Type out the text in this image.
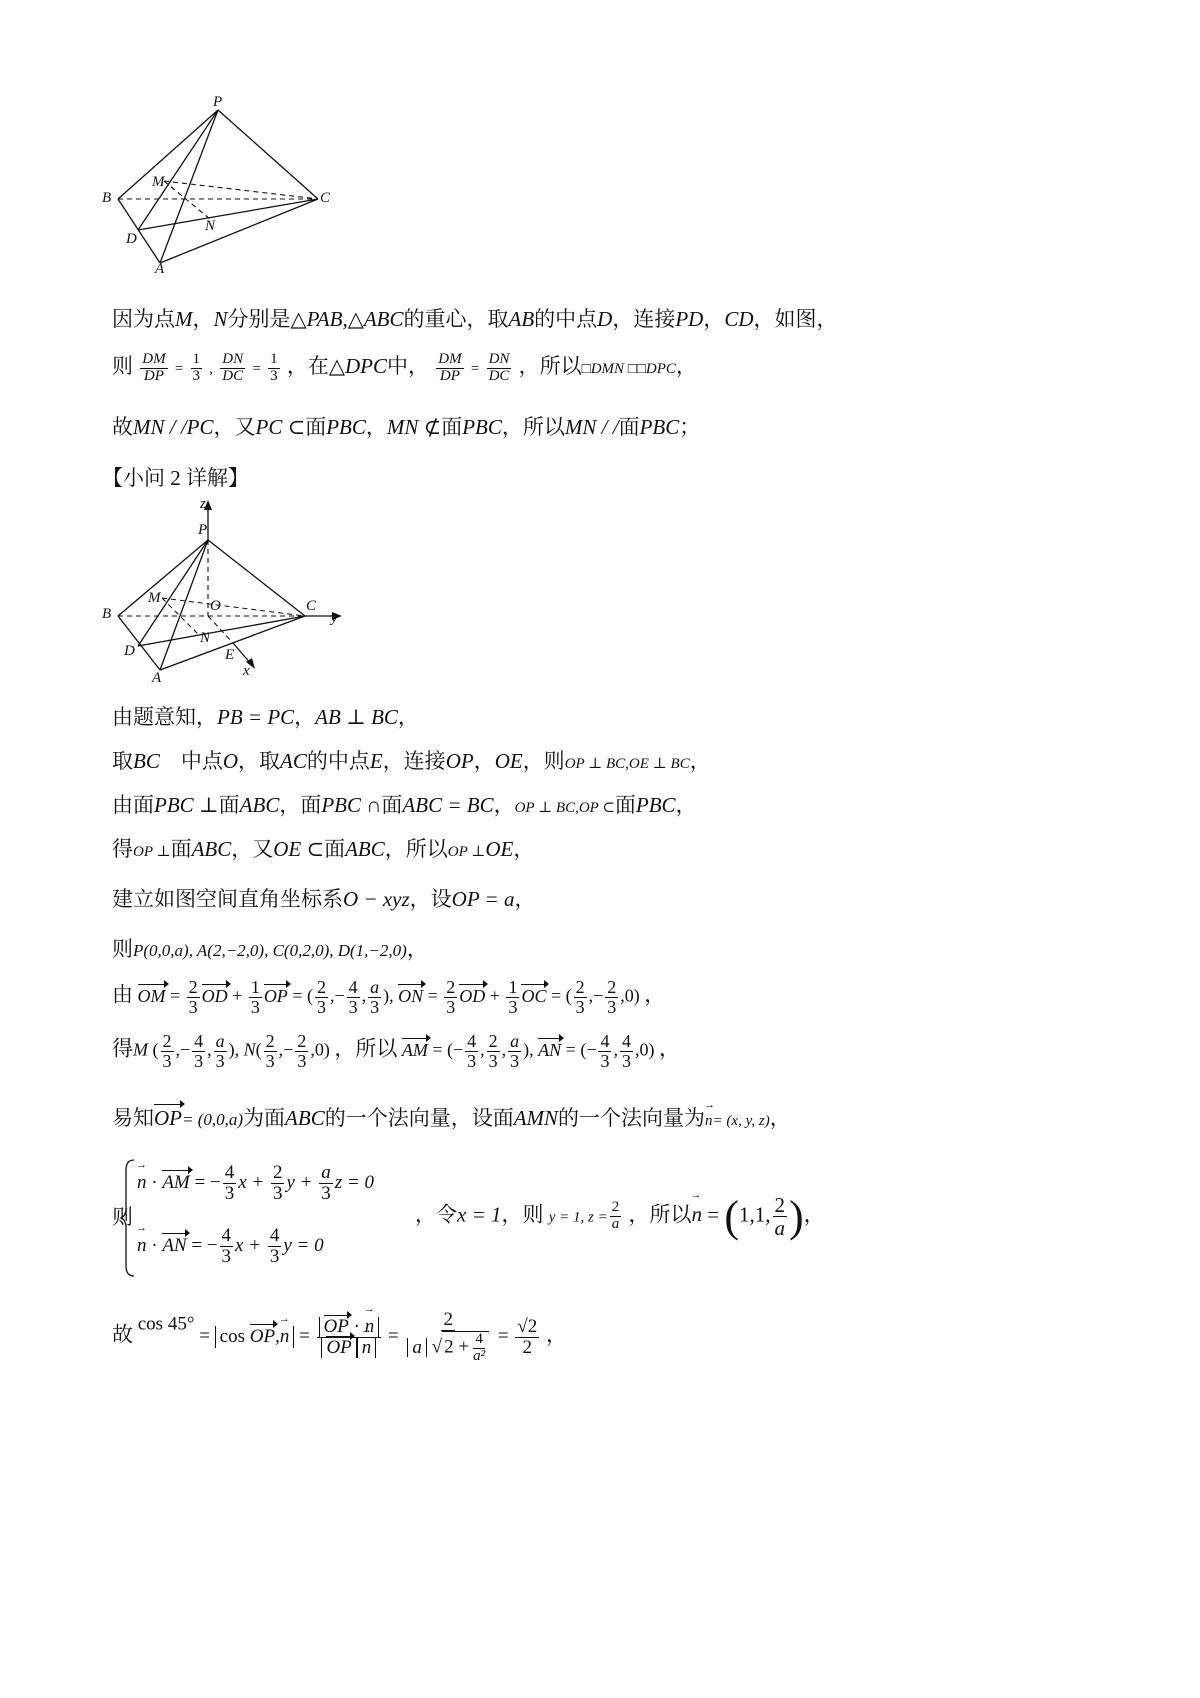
P
B	C
M
N
D
A
因为点M，N分别是△PAB,△ABC的重心，取AB的中点D，连接PD，CD，如图，
则 $\frac{DM}{DP} = \frac{1}{3}$ , $\frac{DN}{DC} = \frac{1}{3}$ ，在△DPC中， $\frac{DM}{DP} = \frac{DN}{DC}$ ，所以□DMN □□DPC，
故MN / /PC，又PC ⊂面PBC，MN ⊄面PBC，所以MN / /面PBC；
【小问 2 详解】
z
P
M	O	C
y
B
N
D	E
A	x
由题意知，PB = PC，AB ⊥ BC，
取BC　中点O，取AC的中点E，连接OP，OE，则OP ⊥ BC,OE ⊥ BC，
由面PBC ⊥面ABC，面PBC ∩面ABC = BC，OP ⊥ BC,OP ⊂面PBC，
得OP ⊥面ABC，又OE ⊂面ABC，所以OP ⊥OE，
建立如图空间直角坐标系O − xyz，设OP = a，
则P(0,0,a), A(2,−2,0), C(0,2,0), D(1,−2,0)，
由 OM = $\frac{2}{3}$ OD + $\frac{1}{3}$ OP = ( $\frac{2}{3}$ ,− $\frac{4}{3}$ , $\frac{a}{3}$ ), ON = $\frac{2}{3}$ OD + $\frac{1}{3}$ OC = ( $\frac{2}{3}$ ,− $\frac{2}{3} ,0$) ，
得M ( $\frac{2}{3}$ ,− $\frac{4}{3}$ , $\frac{a}{3}$ ), $N( \frac{2}{3}$ ,− $\frac{2}{3} ,0$) ，所以 AM = (− $\frac{4}{3}$ , $\frac{2}{3}$ , $\frac{a}{3}$ ), AN = (− $\frac{4}{3}$ , $\frac{4}{3} ,0$) ，
易知OP= (0,0,a)为面ABC的一个法向量，设面AMN的一个法向量为n →= (x, y, z)，
则
n → · AM = − $\frac{4}{3}$ $x + \frac{2}{3}$ $y + \frac{a}{3}$ z = 0
n → · AN = − $\frac{4}{3}$ $x + \frac{4}{3}$ y = 0
，令x = 1，则 y = 1, $z = \frac{2}{a}$ ，所以n → = (1,1, $\frac{2}{a}$ )，
故 cos 45° = cos OP,n → = $\frac{OP \cdot n \to}{\text{OP n}}$ → = $\frac{2}{a √ 2 + \frac{4}{\text{a²}}} = \frac{√2}{2}$ ，
